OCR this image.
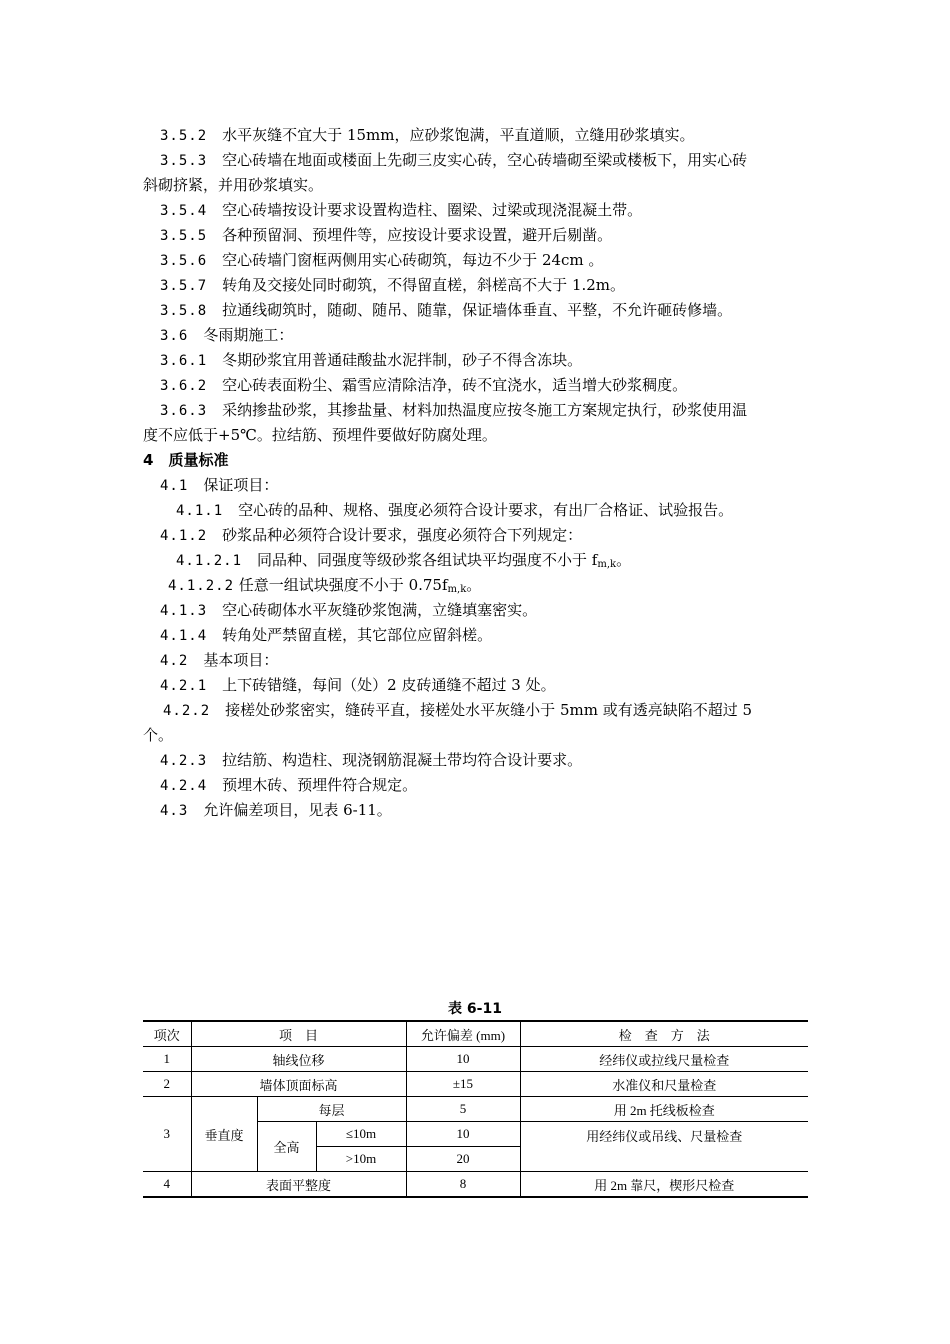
3.5.2　 水平灰缝不宜大于 15mm，应砂浆饱满，平直道顺，立缝用砂浆填实。
3.5.3　 空心砖墙在地面或楼面上先砌三皮实心砖，空心砖墙砌至梁或楼板下，用实心砖
斜砌挤紧，并用砂浆填实。
3.5.4　 空心砖墙按设计要求设置构造柱、圈梁、过梁或现浇混凝土带。
3.5.5　 各种预留洞、预埋件等，应按设计要求设置，避开后剔凿。
3.5.6　 空心砖墙门窗框两侧用实心砖砌筑，每边不少于 24cm 。
3.5.7　 转角及交接处同时砌筑，不得留直槎，斜槎高不大于 1.2m。
3.5.8　 拉通线砌筑时，随砌、随吊、随靠，保证墙体垂直、平整，不允许砸砖修墙。
3.6　 冬雨期施工：
3.6.1　 冬期砂浆宜用普通硅酸盐水泥拌制，砂子不得含冻块。
3.6.2　 空心砖表面粉尘、霜雪应清除洁净，砖不宜浇水，适当增大砂浆稠度。
3.6.3　 采纳掺盐砂浆，其掺盐量、材料加热温度应按冬施工方案规定执行，砂浆使用温
度不应低于+5℃。拉结筋、预埋件要做好防腐处理。
4　 质量标准
4.1　 保证项目：
4.1.1　 空心砖的品种、规格、强度必须符合设计要求，有出厂合格证、试验报告。
4.1.2　 砂浆品种必须符合设计要求，强度必须符合下列规定：
4.1.2.1　 同品种、同强度等级砂浆各组试块平均强度不小于 $f_{m,k}$。
4.1.2.2 任意一组试块强度不小于 $0.75f_{m,k}$。
4.1.3　 空心砖砌体水平灰缝砂浆饱满，立缝填塞密实。
4.1.4　 转角处严禁留直槎，其它部位应留斜槎。
4.2　 基本项目：
4.2.1　 上下砖错缝，每间（处）2 皮砖通缝不超过 3 处。
4.2.2　 接槎处砂浆密实，缝砖平直，接槎处水平灰缝小于 5mm 或有透亮缺陷不超过 5
个。
4.2.3　 拉结筋、构造柱、现浇钢筋混凝土带均符合设计要求。
4.2.4　 预埋木砖、预埋件符合规定。
4.3　 允许偏差项目，见表 6-11。
表 6-11
项次	项　目			允许偏差 (mm)	检　查　方　法
1	轴线位移			10	经纬仪或拉线尺量检查
2	墙体顶面标高			±15	水准仪和尺量检查
3	垂直度	每层		5	用 2m 托线板检查
		全高	≤10m	10	用经纬仪或吊线、尺量检查
			>10m	20	
4	表面平整度			8	用 2m 靠尺，楔形尺检查
